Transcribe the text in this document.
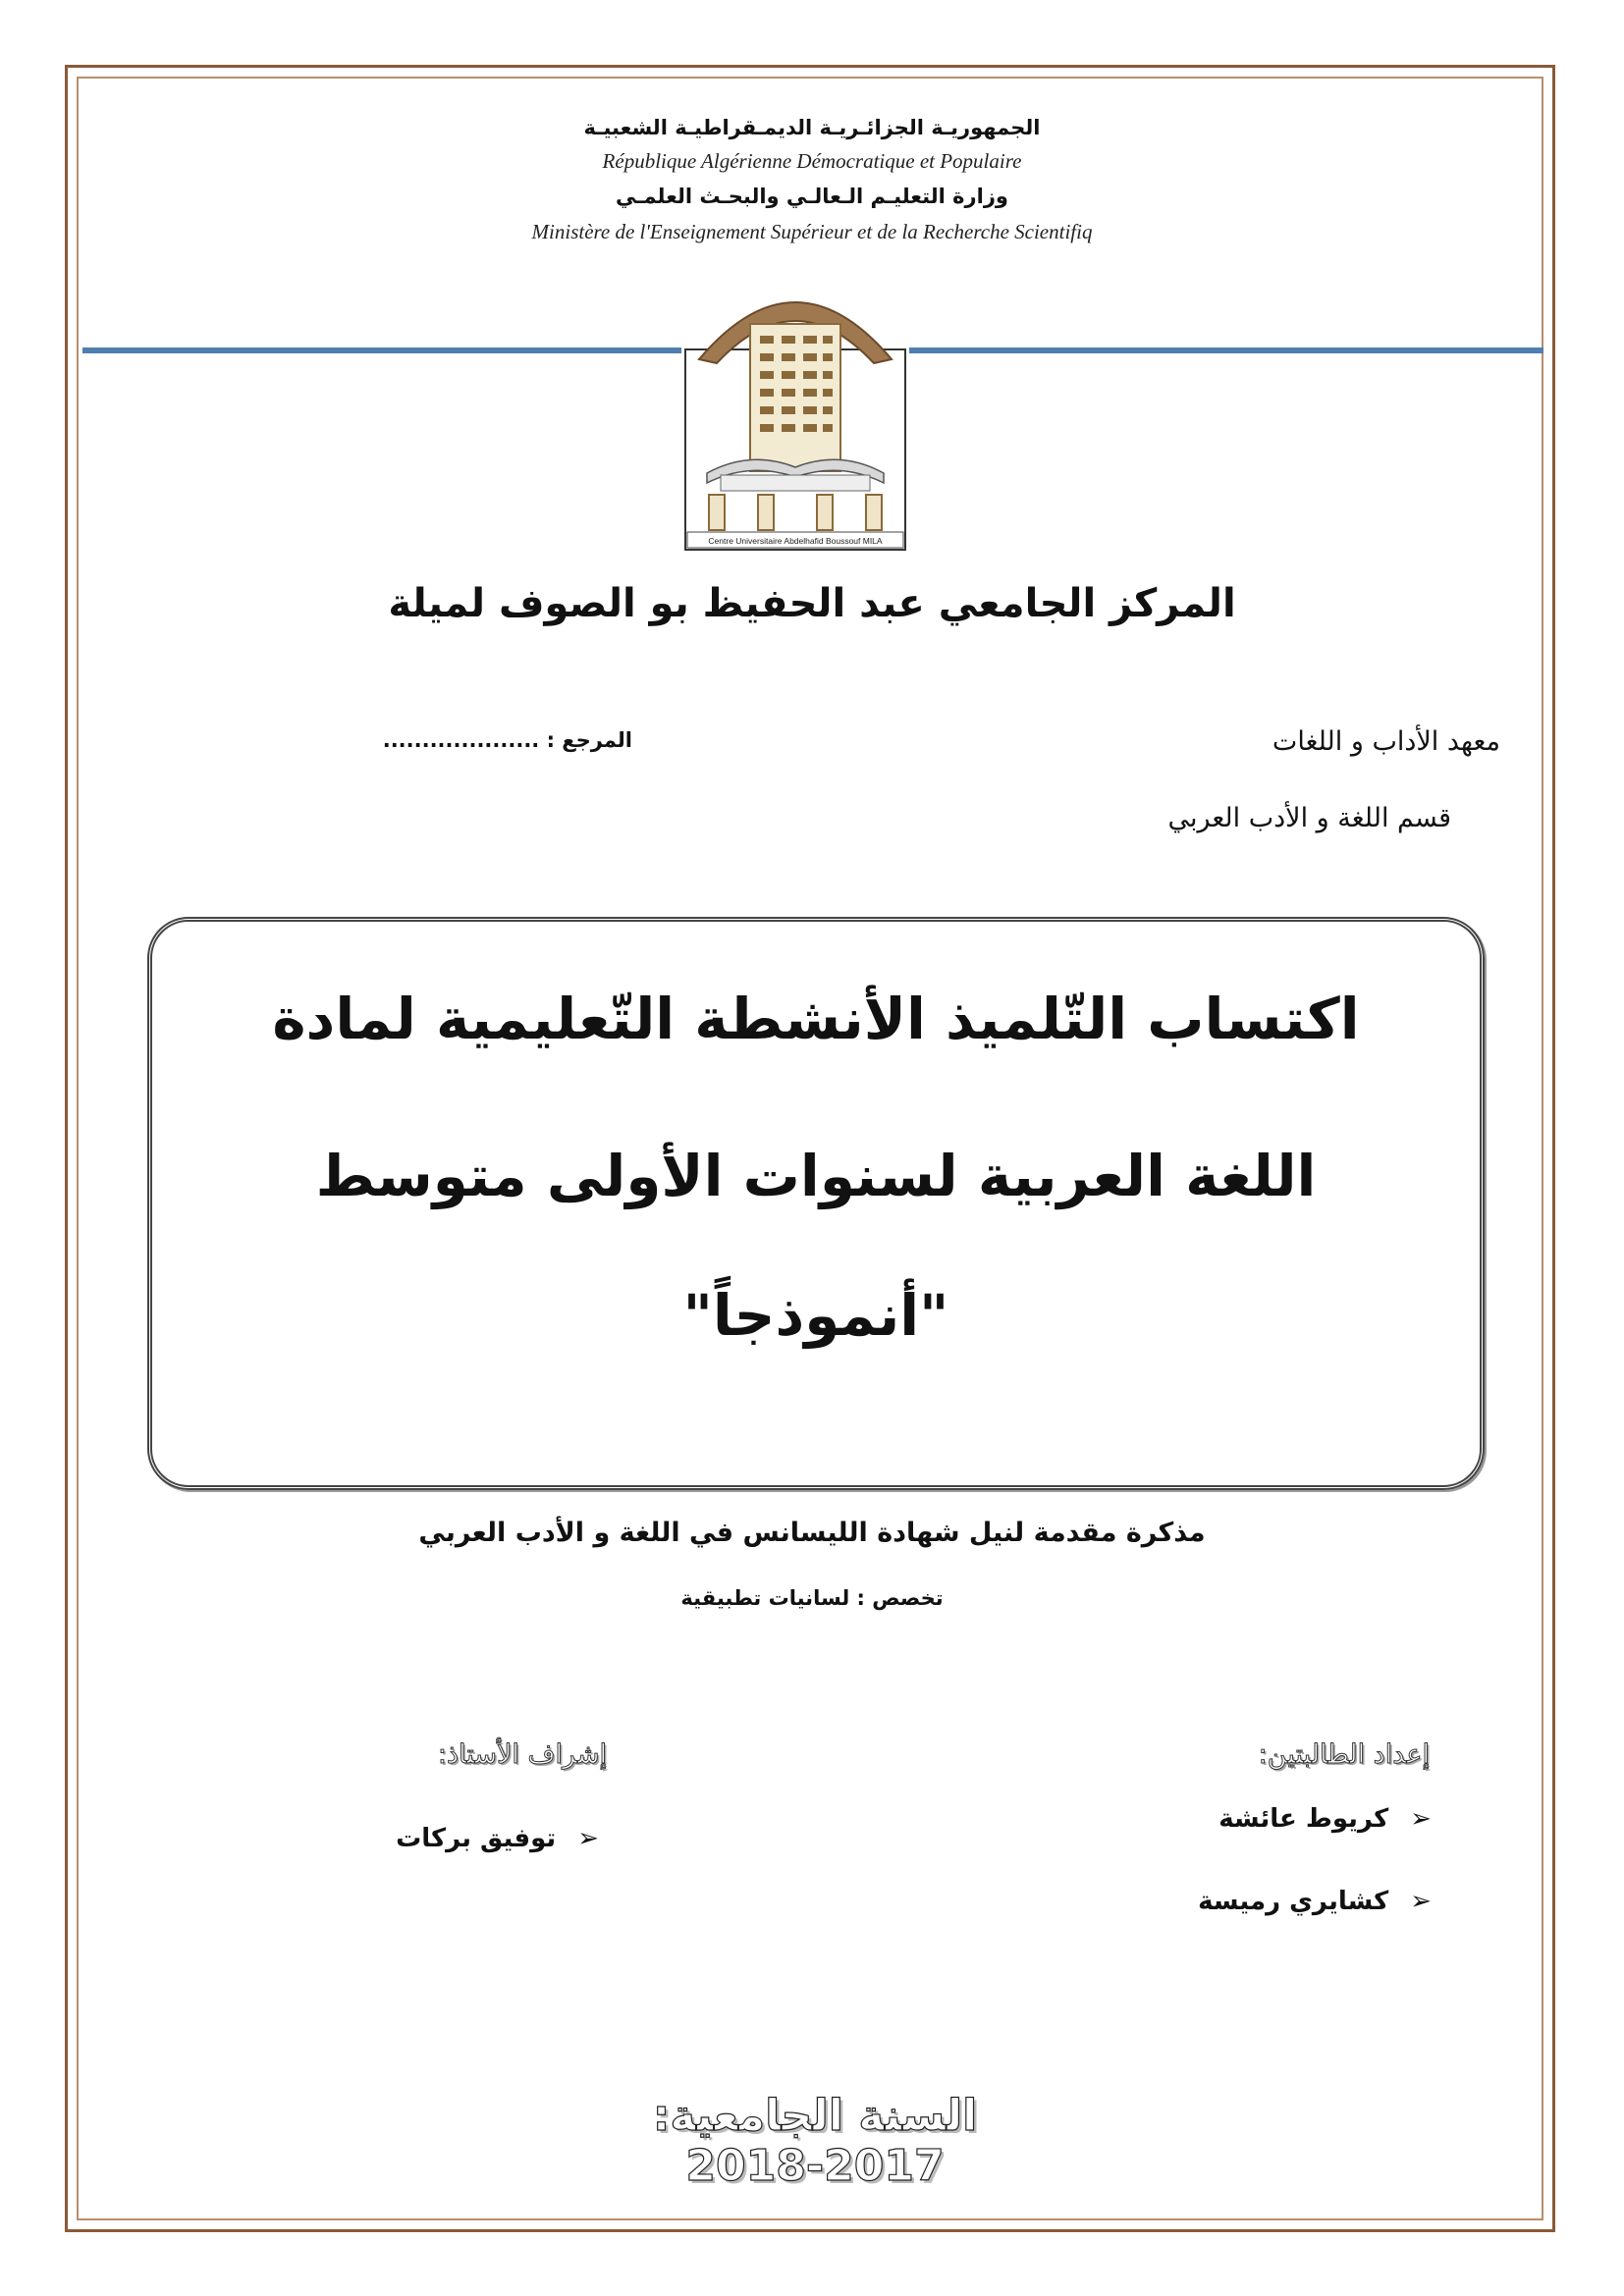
الجمهوريـة الجزائـريـة الديمـقراطيـة الشعبيـة
République Algérienne Démocratique et Populaire
وزارة التعليـم الـعالـي والبحـث العلمـي
Ministère de l'Enseignement Supérieur et de la Recherche Scientifiq
Centre Universitaire Abdelhafid Boussouf MILA
المركز الجامعي عبد الحفيظ بو الصوف لميلة
معهد الأداب و اللغات
قسم اللغة و الأدب العربي
المرجع : ....................
اكتساب التّلميذ الأنشطة التّعليمية لمادة
اللغة العربية لسنوات الأولى متوسط
"أنموذجاً"
مذكرة مقدمة لنيل شهادة الليسانس في اللغة و الأدب العربي
تخصص : لسانيات تطبيقية
إعداد الطالبتين:
إشراف الأستاذ:
➢كريوط عائشة
➢كشايري رميسة
➢توفيق بركات
السنة الجامعية: 2017-2018
